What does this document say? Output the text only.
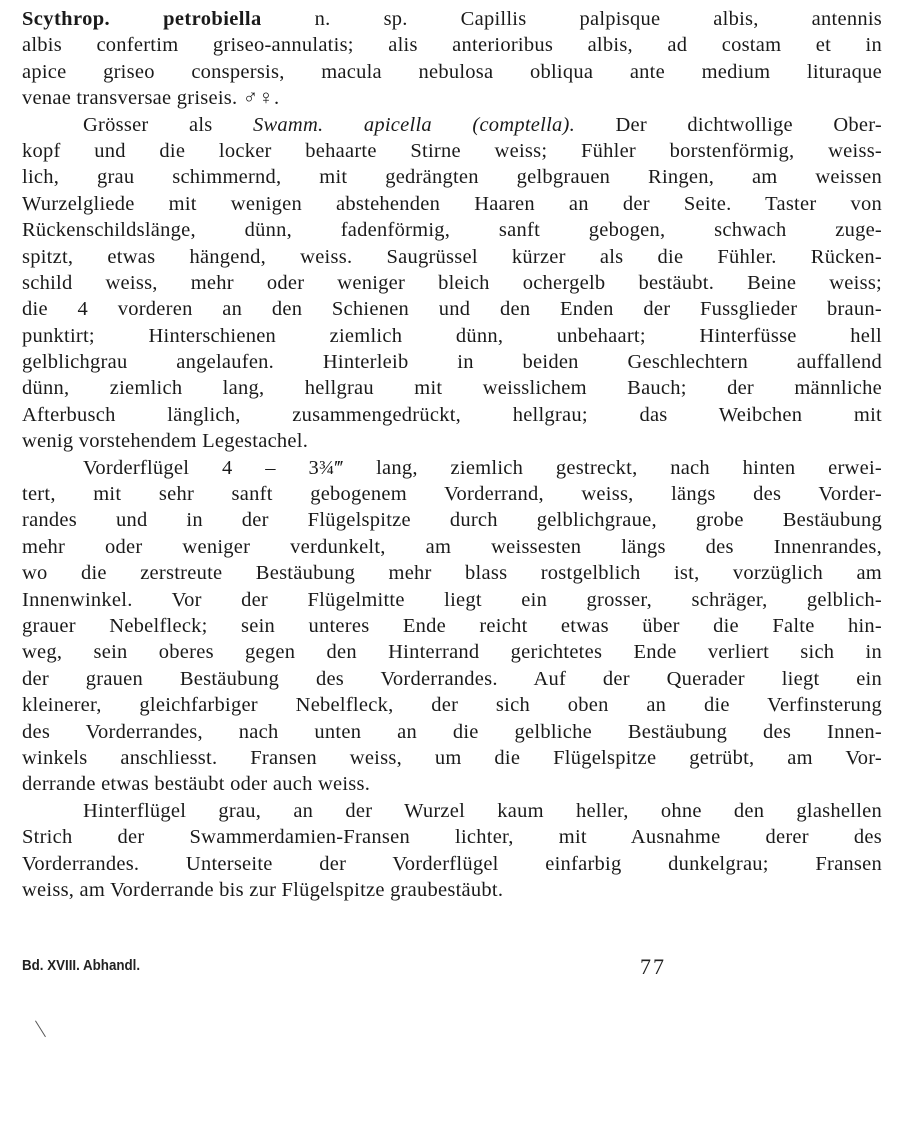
Scythrop.	petrobiella	n. sp. Capillis palpisque albis, antennis
albis confertim griseo-annulatis; alis anterioribus albis, ad costam et in
apice griseo conspersis, macula nebulosa obliqua ante medium lituraque
venae transversae griseis. ♂♀.
Grösser als Swamm. apicella (comptella). Der dichtwollige Ober-
kopf und die locker behaarte Stirne weiss; Fühler borstenförmig, weiss-
lich, grau schimmernd, mit gedrängten gelbgrauen Ringen, am weissen
Wurzelgliede mit wenigen abstehenden Haaren an der Seite. Taster von
Rückenschildslänge, dünn, fadenförmig, sanft gebogen, schwach zuge-
spitzt, etwas hängend, weiss. Saugrüssel kürzer als die Fühler. Rücken-
schild weiss, mehr oder weniger bleich ochergelb bestäubt. Beine weiss;
die 4 vorderen an den Schienen und den Enden der Fussglieder braun-
punktirt; Hinterschienen ziemlich dünn, unbehaart; Hinterfüsse hell
gelblichgrau angelaufen. Hinterleib in beiden Geschlechtern auffallend
dünn, ziemlich lang, hellgrau mit weisslichem Bauch; der männliche
Afterbusch länglich, zusammengedrückt, hellgrau; das Weibchen mit
wenig vorstehendem Legestachel.
Vorderflügel 4 – 3¾‴ lang, ziemlich gestreckt, nach hinten erwei-
tert, mit sehr sanft gebogenem Vorderrand, weiss, längs des Vorder-
randes und in der Flügelspitze durch gelblichgraue, grobe Bestäubung
mehr oder weniger verdunkelt, am weissesten längs des Innenrandes,
wo die zerstreute Bestäubung mehr blass rostgelblich ist, vorzüglich am
Innenwinkel. Vor der Flügelmitte liegt ein grosser, schräger, gelblich-
grauer Nebelfleck; sein unteres Ende reicht etwas über die Falte hin-
weg, sein oberes gegen den Hinterrand gerichtetes Ende verliert sich in
der grauen Bestäubung des Vorderrandes. Auf der Querader liegt ein
kleinerer, gleichfarbiger Nebelfleck, der sich oben an die Verfinsterung
des Vorderrandes, nach unten an die gelbliche Bestäubung des Innen-
winkels anschliesst. Fransen weiss, um die Flügelspitze getrübt, am Vor-
derrande etwas bestäubt oder auch weiss.
Hinterflügel grau, an der Wurzel kaum heller, ohne den glashellen
Strich der Swammerdamien-Fransen lichter, mit Ausnahme derer des
Vorderrandes. Unterseite der Vorderflügel einfarbig dunkelgrau; Fransen
weiss, am Vorderrande bis zur Flügelspitze graubestäubt.
Bd. XVIII. Abhandl.	77
